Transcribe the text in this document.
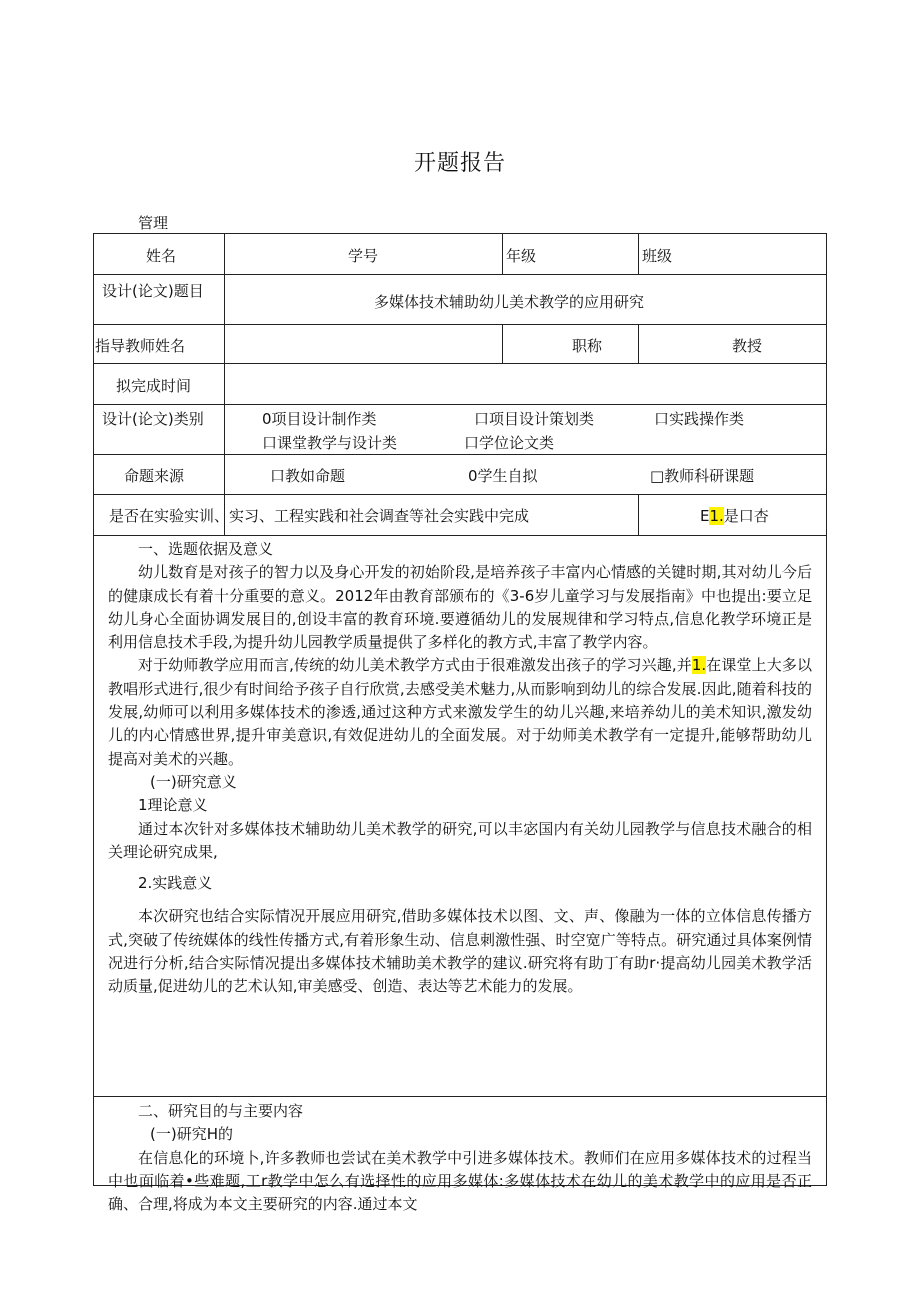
开题报告
管理
姓名	学号	年级	班级
设计(论文)题目
多媒体技术辅助幼儿美术教学的应用研究
指导教师姓名	职称	教授
拟完成时间
设计(论文)类别	0项目设计制作类	口项目设计策划类	口实践操作类
口课堂教学与设计类	口学位论文类
命题来源	口教如命题	0学生自拟	□教师科研课题
是否在实验实训、实习、工程实践和社会调查等社会实践中完成	E1.是口杏

一、选题依据及意义

幼儿数育是对孩子的智力以及身心开发的初始阶段,是培养孩子丰富内心情感的关键时期,其对幼儿今后的健康成长有着十分重要的意义。2012年由教育部颁布的《3-6岁儿童学习与发展指南》中也提出:要立足幼儿身心全面协调发展目的,创设丰富的教育环境.要遵循幼儿的发展规律和学习特点,信息化教学环境正是利用信息技术手段,为提升幼儿园教学质量提供了多样化的教方式,丰富了教学内容。

对于幼师教学应用而言,传统的幼儿美术教学方式由于很难激发出孩子的学习兴趣,并1.在课堂上大多以教唱形式进行,很少有时间给予孩子自行欣赏,去感受美术魅力,从而影响到幼儿的综合发展.因此,随着科技的发展,幼师可以利用多媒体技术的渗透,通过这种方式来激发学生的幼儿兴趣,来培养幼儿的美术知识,激发幼儿的内心情感世界,提升审美意识,有效促进幼儿的全面发展。对于幼师美术教学有一定提升,能够帮助幼儿提高对美术的兴趣。

(一)研究意义

1理论意义

通过本次针对多媒体技术辅助幼儿美术教学的研究,可以丰宓国内有关幼儿园教学与信息技术融合的相关理论研究成果,

2.实践意义

本次研究也结合实际情况开展应用研究,借助多媒体技术以图、文、声、像融为一体的立体信息传播方式,突破了传统媒体的线性传播方式,有着形象生动、信息刺激性强、时空宽广等特点。研究通过具体案例情况进行分析,结合实际情况提出多媒体技术辅助美术教学的建议.研究将有助丁有助r·提高幼儿园美术教学活动质量,促进幼儿的艺术认知,审美感受、创造、表达等艺术能力的发展。

二、研究目的与主要内容

(一)研究H的

在信息化的环境卜,许多教师也尝试在美术教学中引进多媒体技术。教师们在应用多媒体技术的过程当中也面临着•些难题,工r教学中怎么有选择性的应用多媒体:多媒体技术在幼儿的美术教学中的应用是否正确、合理,将成为本文主要研究的内容.通过本文
